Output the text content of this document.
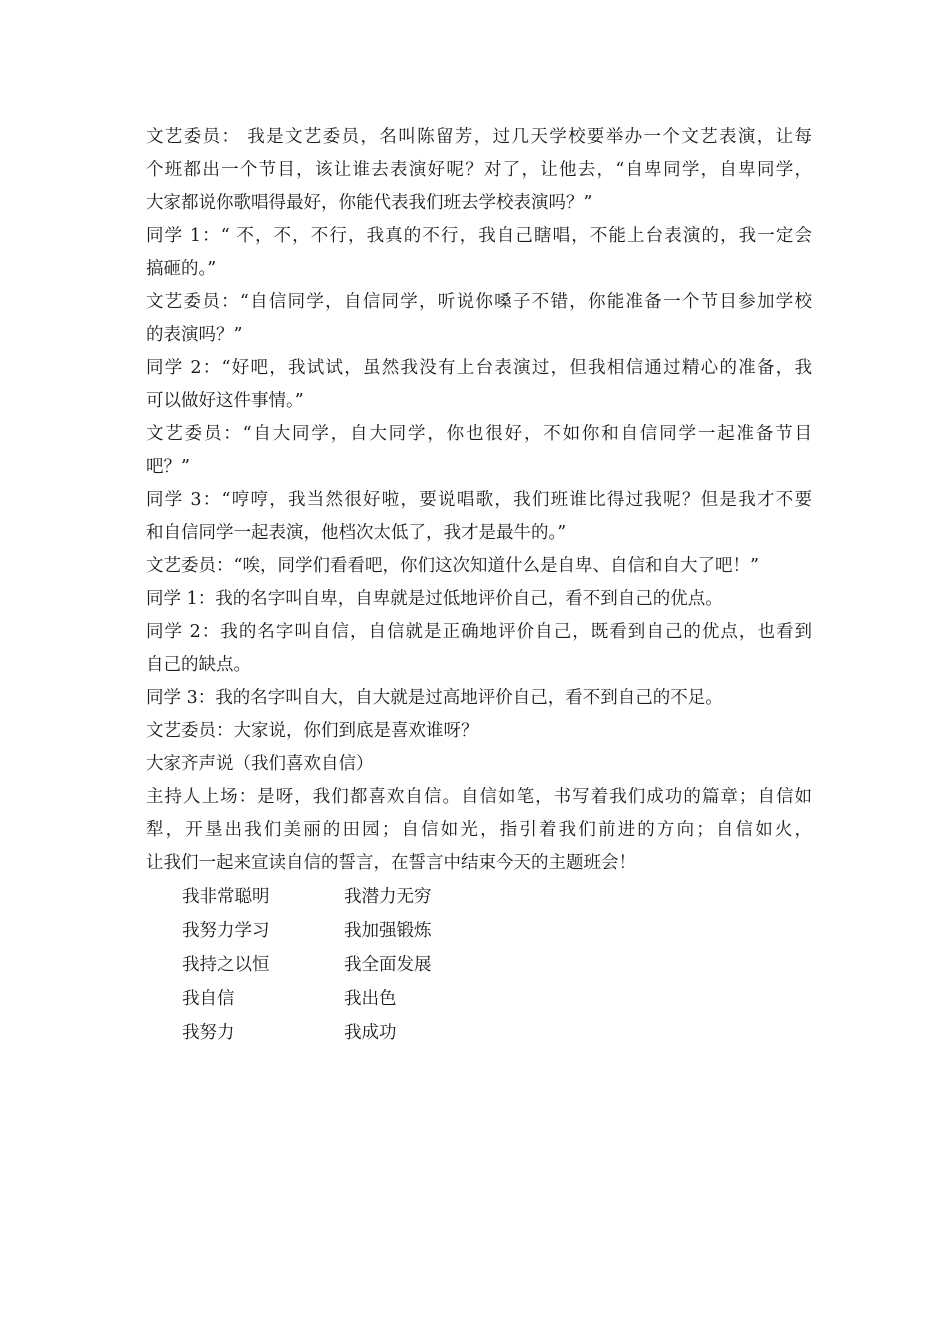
文艺委员： 我是文艺委员，名叫陈留芳，过几天学校要举办一个文艺表演，让每
个班都出一个节目，该让谁去表演好呢？对了，让他去，“自卑同学，自卑同学，
大家都说你歌唱得最好，你能代表我们班去学校表演吗？”
同学 1：“ 不，不，不行，我真的不行，我自己瞎唱，不能上台表演的，我一定会
搞砸的。”
文艺委员：“自信同学，自信同学，听说你嗓子不错，你能准备一个节目参加学校
的表演吗？”
同学 2：“好吧，我试试，虽然我没有上台表演过，但我相信通过精心的准备，我
可以做好这件事情。”
文艺委员：“自大同学，自大同学，你也很好，不如你和自信同学一起准备节目
吧？”
同学 3：“哼哼，我当然很好啦，要说唱歌，我们班谁比得过我呢？但是我才不要
和自信同学一起表演，他档次太低了，我才是最牛的。”
文艺委员：“唉，同学们看看吧，你们这次知道什么是自卑、自信和自大了吧！”
同学 1：我的名字叫自卑，自卑就是过低地评价自己，看不到自己的优点。
同学 2：我的名字叫自信，自信就是正确地评价自己，既看到自己的优点，也看到
自己的缺点。
同学 3：我的名字叫自大，自大就是过高地评价自己，看不到自己的不足。
文艺委员：大家说，你们到底是喜欢谁呀？
大家齐声说（我们喜欢自信）
主持人上场：是呀，我们都喜欢自信。自信如笔，书写着我们成功的篇章；自信如
犁，开垦出我们美丽的田园；自信如光，指引着我们前进的方向；自信如火，
让我们一起来宣读自信的誓言，在誓言中结束今天的主题班会！
我非常聪明	我潜力无穷
我努力学习	我加强锻炼
我持之以恒	我全面发展
我自信	我出色
我努力	我成功
